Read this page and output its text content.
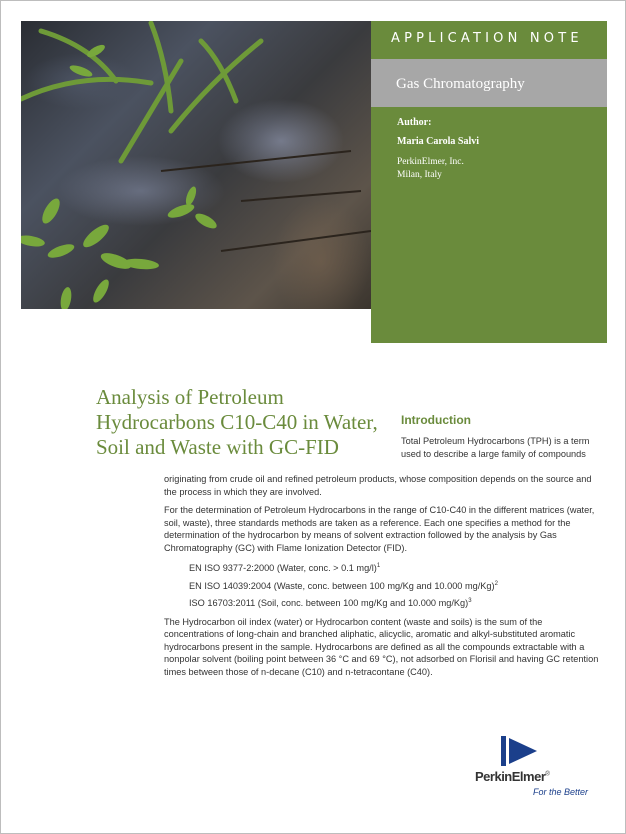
APPLICATION NOTE
Gas Chromatography
Author:
Maria Carola Salvi
PerkinElmer, Inc.
Milan, Italy
Analysis of Petroleum Hydrocarbons C10-C40 in Water, Soil and Waste with GC-FID
Introduction

Total Petroleum Hydrocarbons (TPH) is a term used to describe a large family of compounds

originating from crude oil and refined petroleum products, whose composition depends on the source and the process in which they are involved.

For the determination of Petroleum Hydrocarbons in the range of C10-C40 in the different matrices (water, soil, waste), three standards methods are taken as a reference. Each one specifies a method for the determination of the hydrocarbon by means of solvent extraction followed by the analysis by Gas Chromatography (GC) with Flame Ionization Detector (FID).

EN ISO 9377-2:2000 (Water, conc. > 0.1 mg/l)$^1$
EN ISO 14039:2004 (Waste, conc. between 100 mg/Kg and 10.000 mg/Kg)$^2$
ISO 16703:2011 (Soil, conc. between 100 mg/Kg and 10.000 mg/Kg)$^3$

The Hydrocarbon oil index (water) or Hydrocarbon content (waste and soils) is the sum of the concentrations of long-chain and branched aliphatic, alicyclic, aromatic and alkyl-substituted aromatic hydrocarbons present in the sample. Hydrocarbons are defined as all the compounds extractable with a nonpolar solvent (boiling point between 36 °C and 69 °C), not adsorbed on Florisil and having GC retention times between those of n-decane (C10) and n-tetracontane (C40).

PerkinElmer®
For the Better
